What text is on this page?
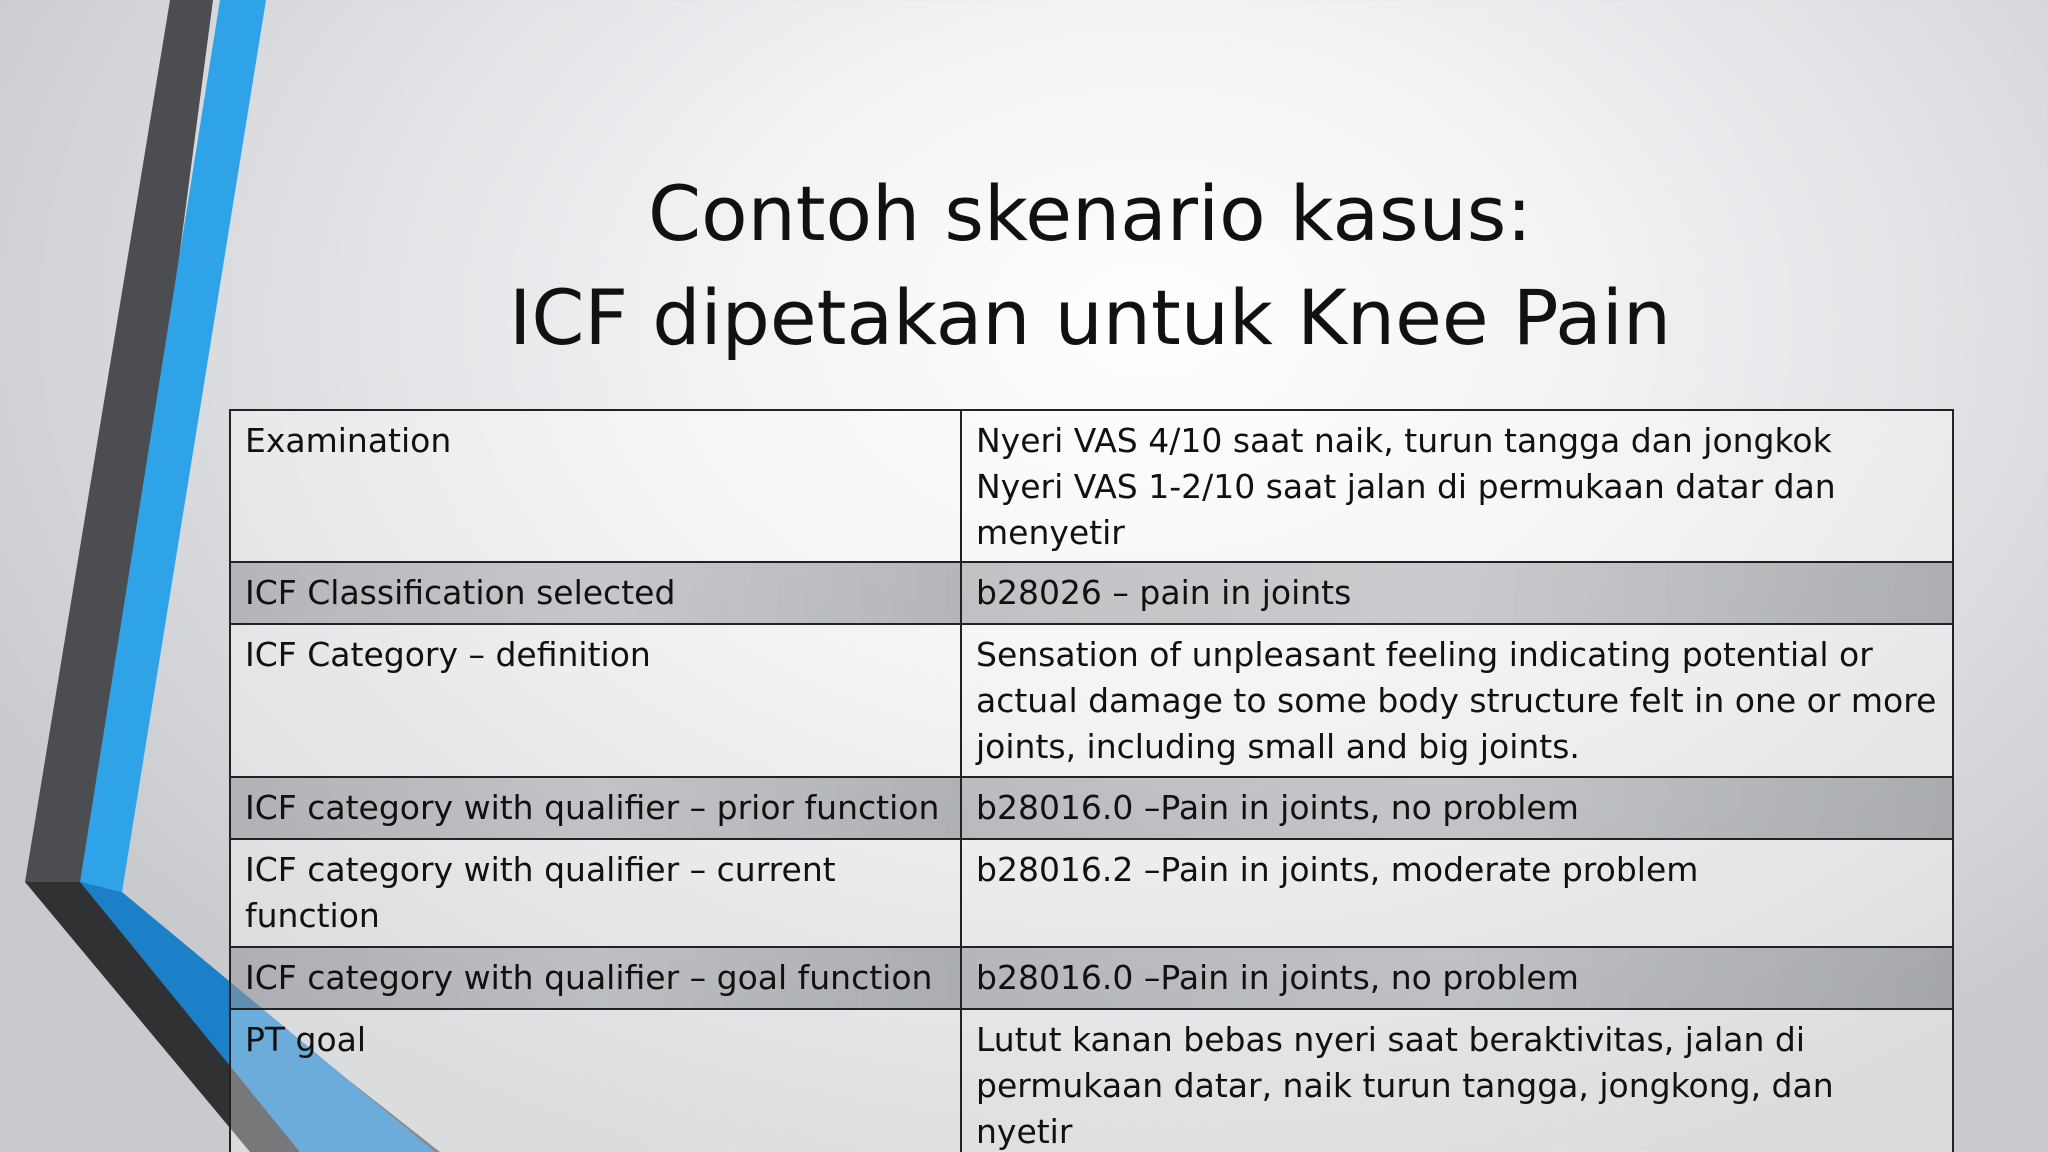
Contoh skenario kasus:
ICF dipetakan untuk Knee Pain
Examination	Nyeri VAS 4/10 saat naik, turun tangga dan jongkok
Nyeri VAS 1-2/10 saat jalan di permukaan datar dan menyetir
ICF Classification selected	b28026 – pain in joints
ICF Category – definition	Sensation of unpleasant feeling indicating potential or actual damage to some body structure felt in one or more joints, including small and big joints.
ICF category with qualifier – prior function	b28016.0 –Pain in joints, no problem
ICF category with qualifier – current function	b28016.2 –Pain in joints, moderate problem
ICF category with qualifier – goal function	b28016.0 –Pain in joints, no problem
PT goal	Lutut kanan bebas nyeri saat beraktivitas, jalan di permukaan datar, naik turun tangga, jongkong, dan nyetir
